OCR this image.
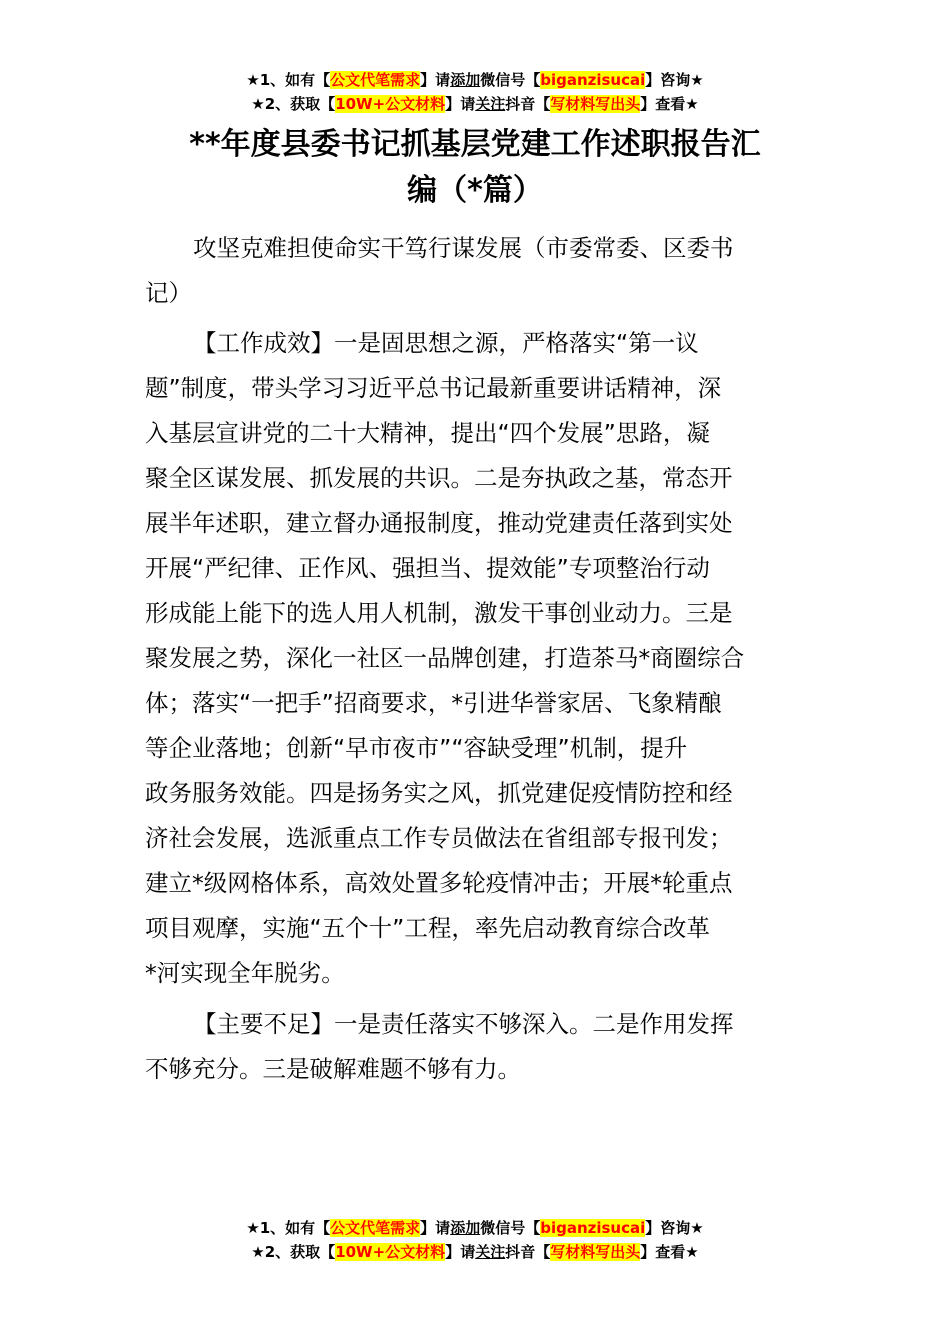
★1、如有【公文代笔需求】请添加微信号【biganzisucai】咨询★
★2、获取【10W+公文材料】请关注抖音【写材料写出头】查看★
**年度县委书记抓基层党建工作述职报告汇
编（*篇）
攻坚克难担使命实干笃行谋发展（市委常委、区委书
记）
【工作成效】一是固思想之源，严格落实“第一议
题”制度，带头学习习近平总书记最新重要讲话精神，深
入基层宣讲党的二十大精神，提出“四个发展”思路，凝
聚全区谋发展、抓发展的共识。二是夯执政之基，常态开
展半年述职，建立督办通报制度，推动党建责任落到实处
开展“严纪律、正作风、强担当、提效能”专项整治行动
形成能上能下的选人用人机制，激发干事创业动力。三是
聚发展之势，深化一社区一品牌创建，打造茶马*商圈综合
体；落实“一把手”招商要求，*引进华誉家居、飞象精酿
等企业落地；创新“早市夜市”“容缺受理”机制，提升
政务服务效能。四是扬务实之风，抓党建促疫情防控和经
济社会发展，选派重点工作专员做法在省组部专报刊发；
建立*级网格体系，高效处置多轮疫情冲击；开展*轮重点
项目观摩，实施“五个十”工程，率先启动教育综合改革
*河实现全年脱劣。
【主要不足】一是责任落实不够深入。二是作用发挥
不够充分。三是破解难题不够有力。
★1、如有【公文代笔需求】请添加微信号【biganzisucai】咨询★
★2、获取【10W+公文材料】请关注抖音【写材料写出头】查看★
